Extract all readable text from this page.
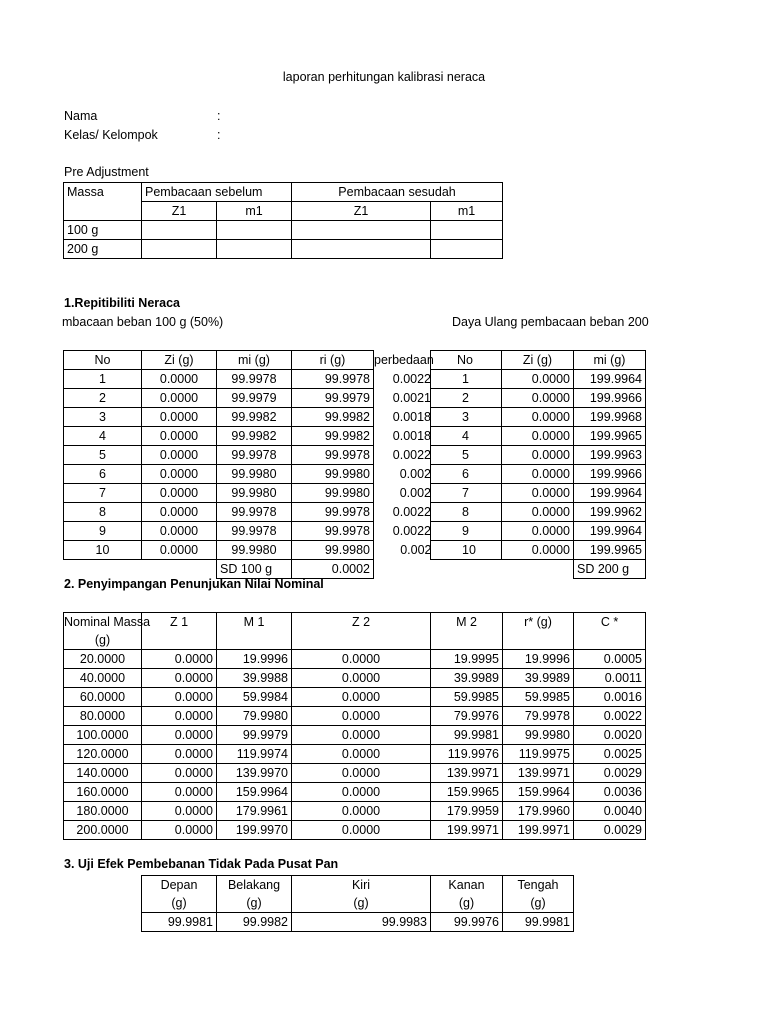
laporan perhitungan kalibrasi neraca
Nama	:
Kelas/ Kelompok	:
Pre Adjustment
Massa	Pembacaan sebelum		Pembacaan sesudah	
	Z1	m1	Z1	m1
100 g				
200 g				
1.Repitibiliti Neraca
mbacaan beban 100 g (50%)	Daya Ulang pembacaan beban 200
No	Zi (g)	mi (g)	ri (g)	perbedaan
1	0.0000	99.9978	99.9978	0.0022
2	0.0000	99.9979	99.9979	0.0021
3	0.0000	99.9982	99.9982	0.0018
4	0.0000	99.9982	99.9982	0.0018
5	0.0000	99.9978	99.9978	0.0022
6	0.0000	99.9980	99.9980	0.002
7	0.0000	99.9980	99.9980	0.002
8	0.0000	99.9978	99.9978	0.0022
9	0.0000	99.9978	99.9978	0.0022
10	0.0000	99.9980	99.9980	0.002
		SD 100 g	0.0002	
No	Zi (g)	mi (g)
1	0.0000	199.9964
2	0.0000	199.9966
3	0.0000	199.9968
4	0.0000	199.9965
5	0.0000	199.9963
6	0.0000	199.9966
7	0.0000	199.9964
8	0.0000	199.9962
9	0.0000	199.9964
10	0.0000	199.9965
		SD 200 g
2. Penyimpangan Penunjukan Nilai Nominal
Nominal Massa	Z 1	M 1	Z 2	M 2	r* (g)	C *
(g)						
20.0000	0.0000	19.9996	0.0000	19.9995	19.9996	0.0005
40.0000	0.0000	39.9988	0.0000	39.9989	39.9989	0.0011
60.0000	0.0000	59.9984	0.0000	59.9985	59.9985	0.0016
80.0000	0.0000	79.9980	0.0000	79.9976	79.9978	0.0022
100.0000	0.0000	99.9979	0.0000	99.9981	99.9980	0.0020
120.0000	0.0000	119.9974	0.0000	119.9976	119.9975	0.0025
140.0000	0.0000	139.9970	0.0000	139.9971	139.9971	0.0029
160.0000	0.0000	159.9964	0.0000	159.9965	159.9964	0.0036
180.0000	0.0000	179.9961	0.0000	179.9959	179.9960	0.0040
200.0000	0.0000	199.9970	0.0000	199.9971	199.9971	0.0029
3. Uji Efek Pembebanan Tidak Pada Pusat Pan
Depan	Belakang	Kiri	Kanan	Tengah
(g)	(g)	(g)	(g)	(g)
99.9981	99.9982	99.9983	99.9976	99.9981
